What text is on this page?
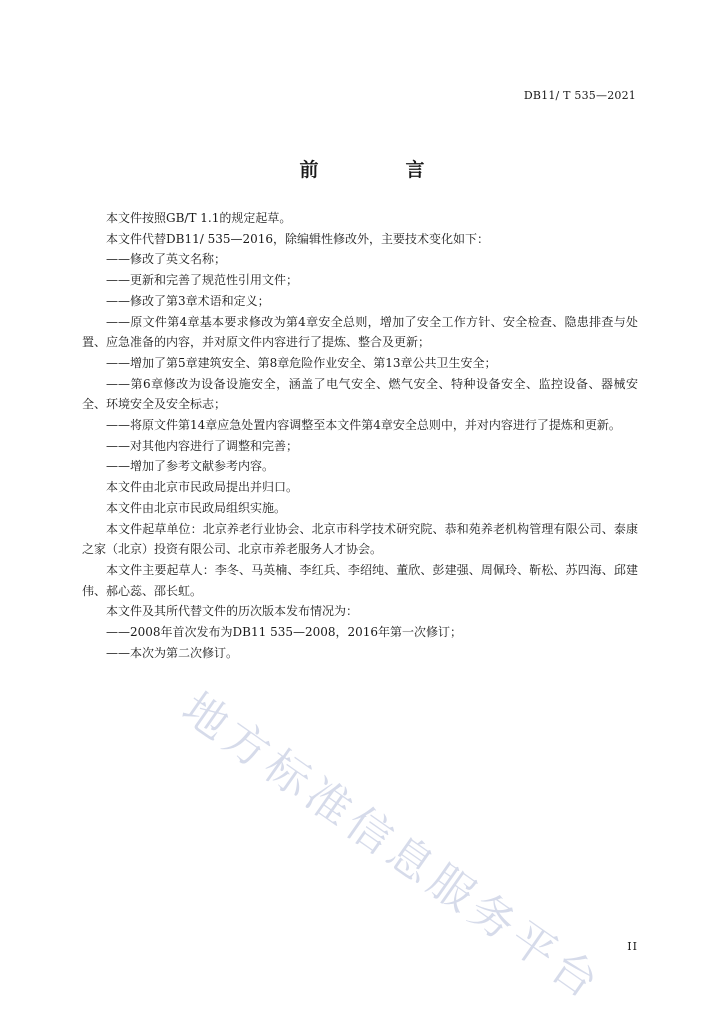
DB11/ T 535—2021
前　言

本文件按照GB/T 1.1的规定起草。

本文件代替DB11/ 535—2016，除编辑性修改外，主要技术变化如下：

——修改了英文名称；

——更新和完善了规范性引用文件；

——修改了第3章术语和定义；

——原文件第4章基本要求修改为第4章安全总则，增加了安全工作方针、安全检查、隐患排查与处置、应急准备的内容，并对原文件内容进行了提炼、整合及更新；

——增加了第5章建筑安全、第8章危险作业安全、第13章公共卫生安全；

——第6章修改为设备设施安全，涵盖了电气安全、燃气安全、特种设备安全、监控设备、器械安全、环境安全及安全标志；

——将原文件第14章应急处置内容调整至本文件第4章安全总则中，并对内容进行了提炼和更新。

——对其他内容进行了调整和完善；

——增加了参考文献参考内容。

本文件由北京市民政局提出并归口。

本文件由北京市民政局组织实施。

本文件起草单位：北京养老行业协会、北京市科学技术研究院、恭和苑养老机构管理有限公司、泰康之家（北京）投资有限公司、北京市养老服务人才协会。

本文件主要起草人：李冬、马英楠、李红兵、李绍纯、董欣、彭建强、周佩玲、靳松、苏四海、邱建伟、郝心蕊、邵长虹。

本文件及其所代替文件的历次版本发布情况为：

——2008年首次发布为DB11 535—2008，2016年第一次修订；

——本次为第二次修订。

地方标准信息服务平台	II
